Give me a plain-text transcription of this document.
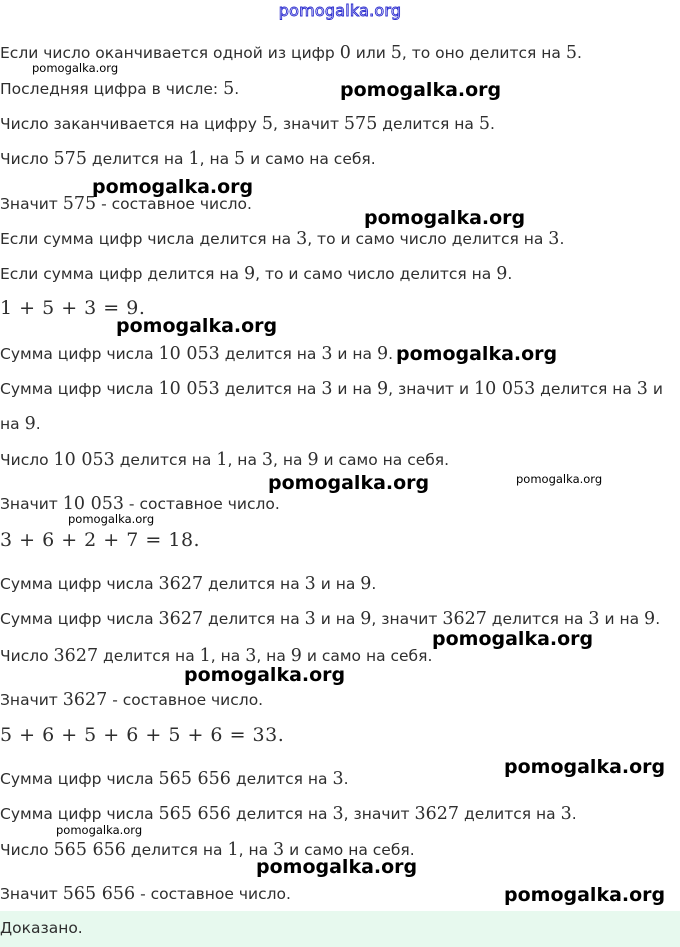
pomogalka.org
Если число оканчивается одной из цифр 0 или 5, то оно делится на 5.
Последняя цифра в числе: 5.
Число заканчивается на цифру 5, значит 575 делится на 5.
Число 575 делится на 1, на 5 и само на себя.
Значит 575 - составное число.
Если сумма цифр числа делится на 3, то и само число делится на 3.
Если сумма цифр делится на 9, то и само число делится на 9.
1 + 5 + 3 = 9.
Сумма цифр числа 10 053 делится на 3 и на 9.
Сумма цифр числа 10 053 делится на 3 и на 9, значит и 10 053 делится на 3 и
на 9.
Число 10 053 делится на 1, на 3, на 9 и само на себя.
Значит 10 053 - составное число.
3 + 6 + 2 + 7 = 18.
Сумма цифр числа 3627 делится на 3 и на 9.
Сумма цифр числа 3627 делится на 3 и на 9, значит 3627 делится на 3 и на 9.
Число 3627 делится на 1, на 3, на 9 и само на себя.
Значит 3627 - составное число.
5 + 6 + 5 + 6 + 5 + 6 = 33.
Сумма цифр числа 565 656 делится на 3.
Сумма цифр числа 565 656 делится на 3, значит 3627 делится на 3.
Число 565 656 делится на 1, на 3 и само на себя.
Значит 565 656 - составное число.
pomogalka.org
pomogalka.org
pomogalka.org
pomogalka.org
pomogalka.org
pomogalka.org
pomogalka.org	pomogalka.org
pomogalka.org
pomogalka.org
pomogalka.org
pomogalka.org
pomogalka.org
pomogalka.org
pomogalka.org
Доказано.
